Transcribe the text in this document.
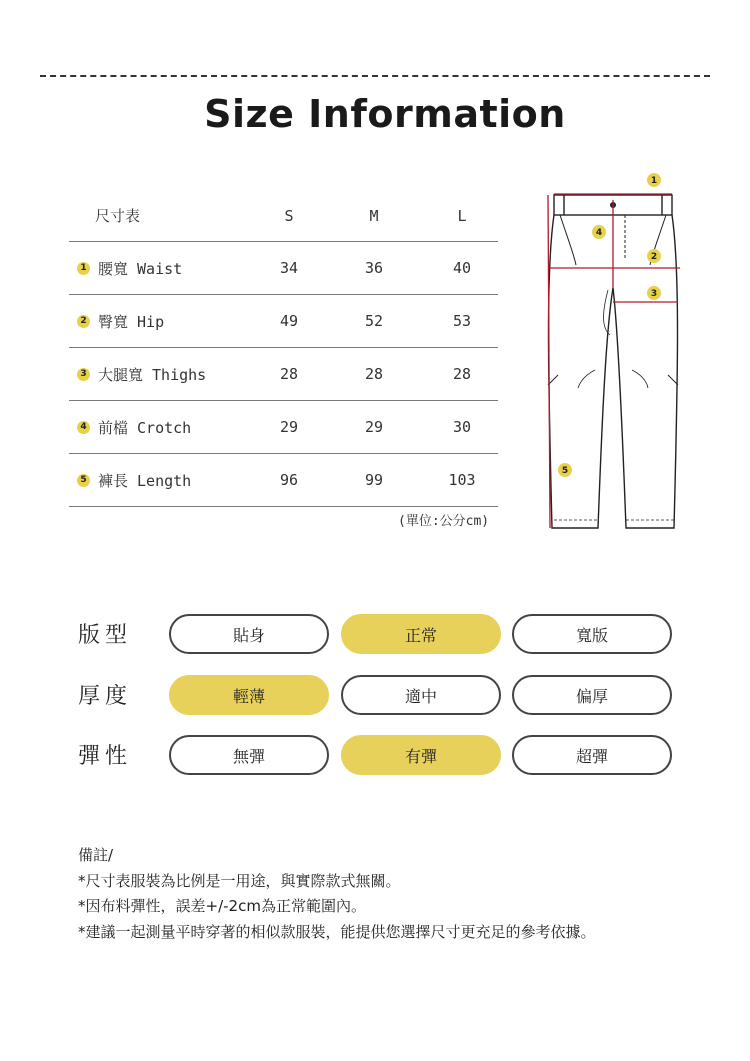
Size Information
尺寸表	S	M	L
1 腰寬 Waist	34	36	40
2 臀寬 Hip	49	52	53
3 大腿寬 Thighs	28	28	28
4 前檔 Crotch	29	29	30
5 褲長 Length	96	99	103
(單位:公分cm)
1
2
3
4
5
版型	貼身	正常	寬版
厚度	輕薄	適中	偏厚
彈性	無彈	有彈	超彈
備註/
*尺寸表服裝為比例是一用途，與實際款式無關。
*因布料彈性，誤差+/-2cm為正常範圍內。
*建議一起測量平時穿著的相似款服裝，能提供您選擇尺寸更充足的參考依據。
